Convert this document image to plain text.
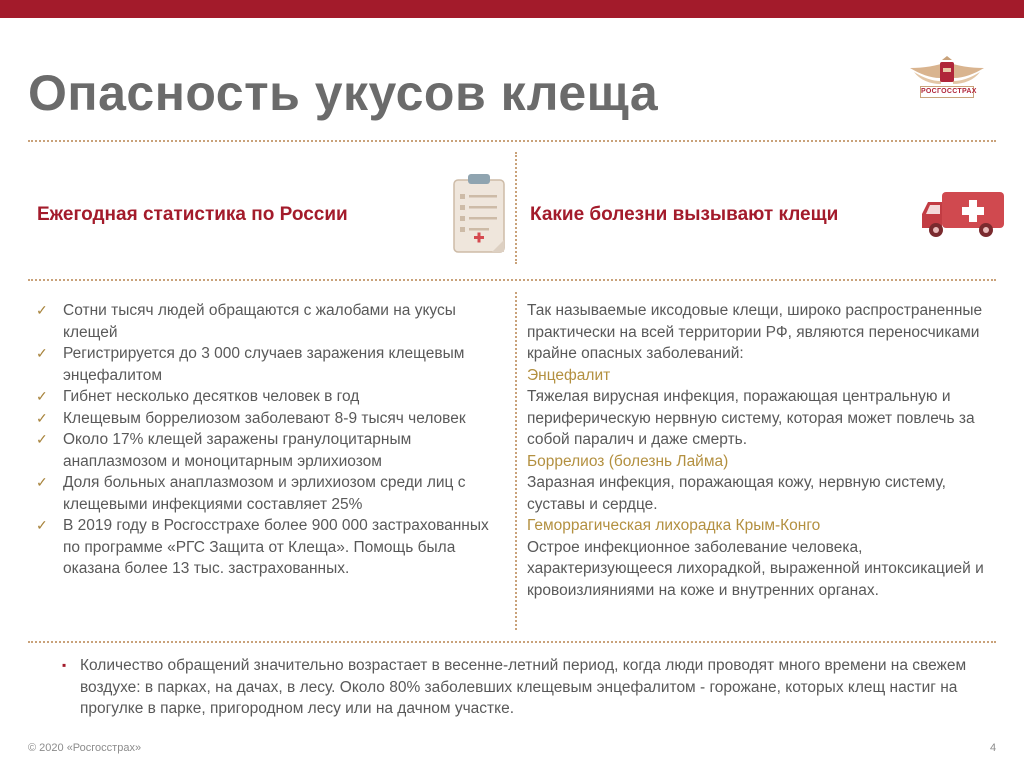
Опасность укусов клеща	РОСГОССТРАХ
Ежегодная статистика по России	Какие болезни вызывают клещи
✓ Сотни тысяч людей обращаются с жалобами на укусы клещей
✓ Регистрируется до 3 000 случаев заражения клещевым энцефалитом
✓ Гибнет несколько десятков человек в год
✓ Клещевым боррелиозом заболевают 8-9 тысяч человек
✓ Около 17% клещей заражены гранулоцитарным анаплазмозом и моноцитарным эрлихиозом
✓ Доля больных анаплазмозом и эрлихиозом среди лиц с клещевыми инфекциями составляет 25%
✓ В 2019 году в Росгосстрахе более 900 000 застрахованных по программе «РГС Защита от Клеща». Помощь была оказана более 13 тыс. застрахованных.
Так называемые иксодовые клещи, широко распространенные практически на всей территории РФ, являются переносчиками крайне опасных заболеваний:
Энцефалит
Тяжелая вирусная инфекция, поражающая центральную и периферическую нервную систему, которая может повлечь за собой паралич и даже смерть.
Боррелиоз (болезнь Лайма)
Заразная инфекция, поражающая кожу, нервную систему, суставы и сердце.
Геморрагическая лихорадка Крым-Конго
Острое инфекционное заболевание человека, характеризующееся лихорадкой, выраженной интоксикацией и кровоизлияниями на коже и внутренних органах.
▪ Количество обращений значительно возрастает в весенне-летний период, когда люди проводят много времени на свежем воздухе: в парках, на дачах, в лесу. Около 80% заболевших клещевым энцефалитом - горожане, которых клещ настиг на прогулке в парке, пригородном лесу или на дачном участке.
© 2020 «Росгосстрах»	4
